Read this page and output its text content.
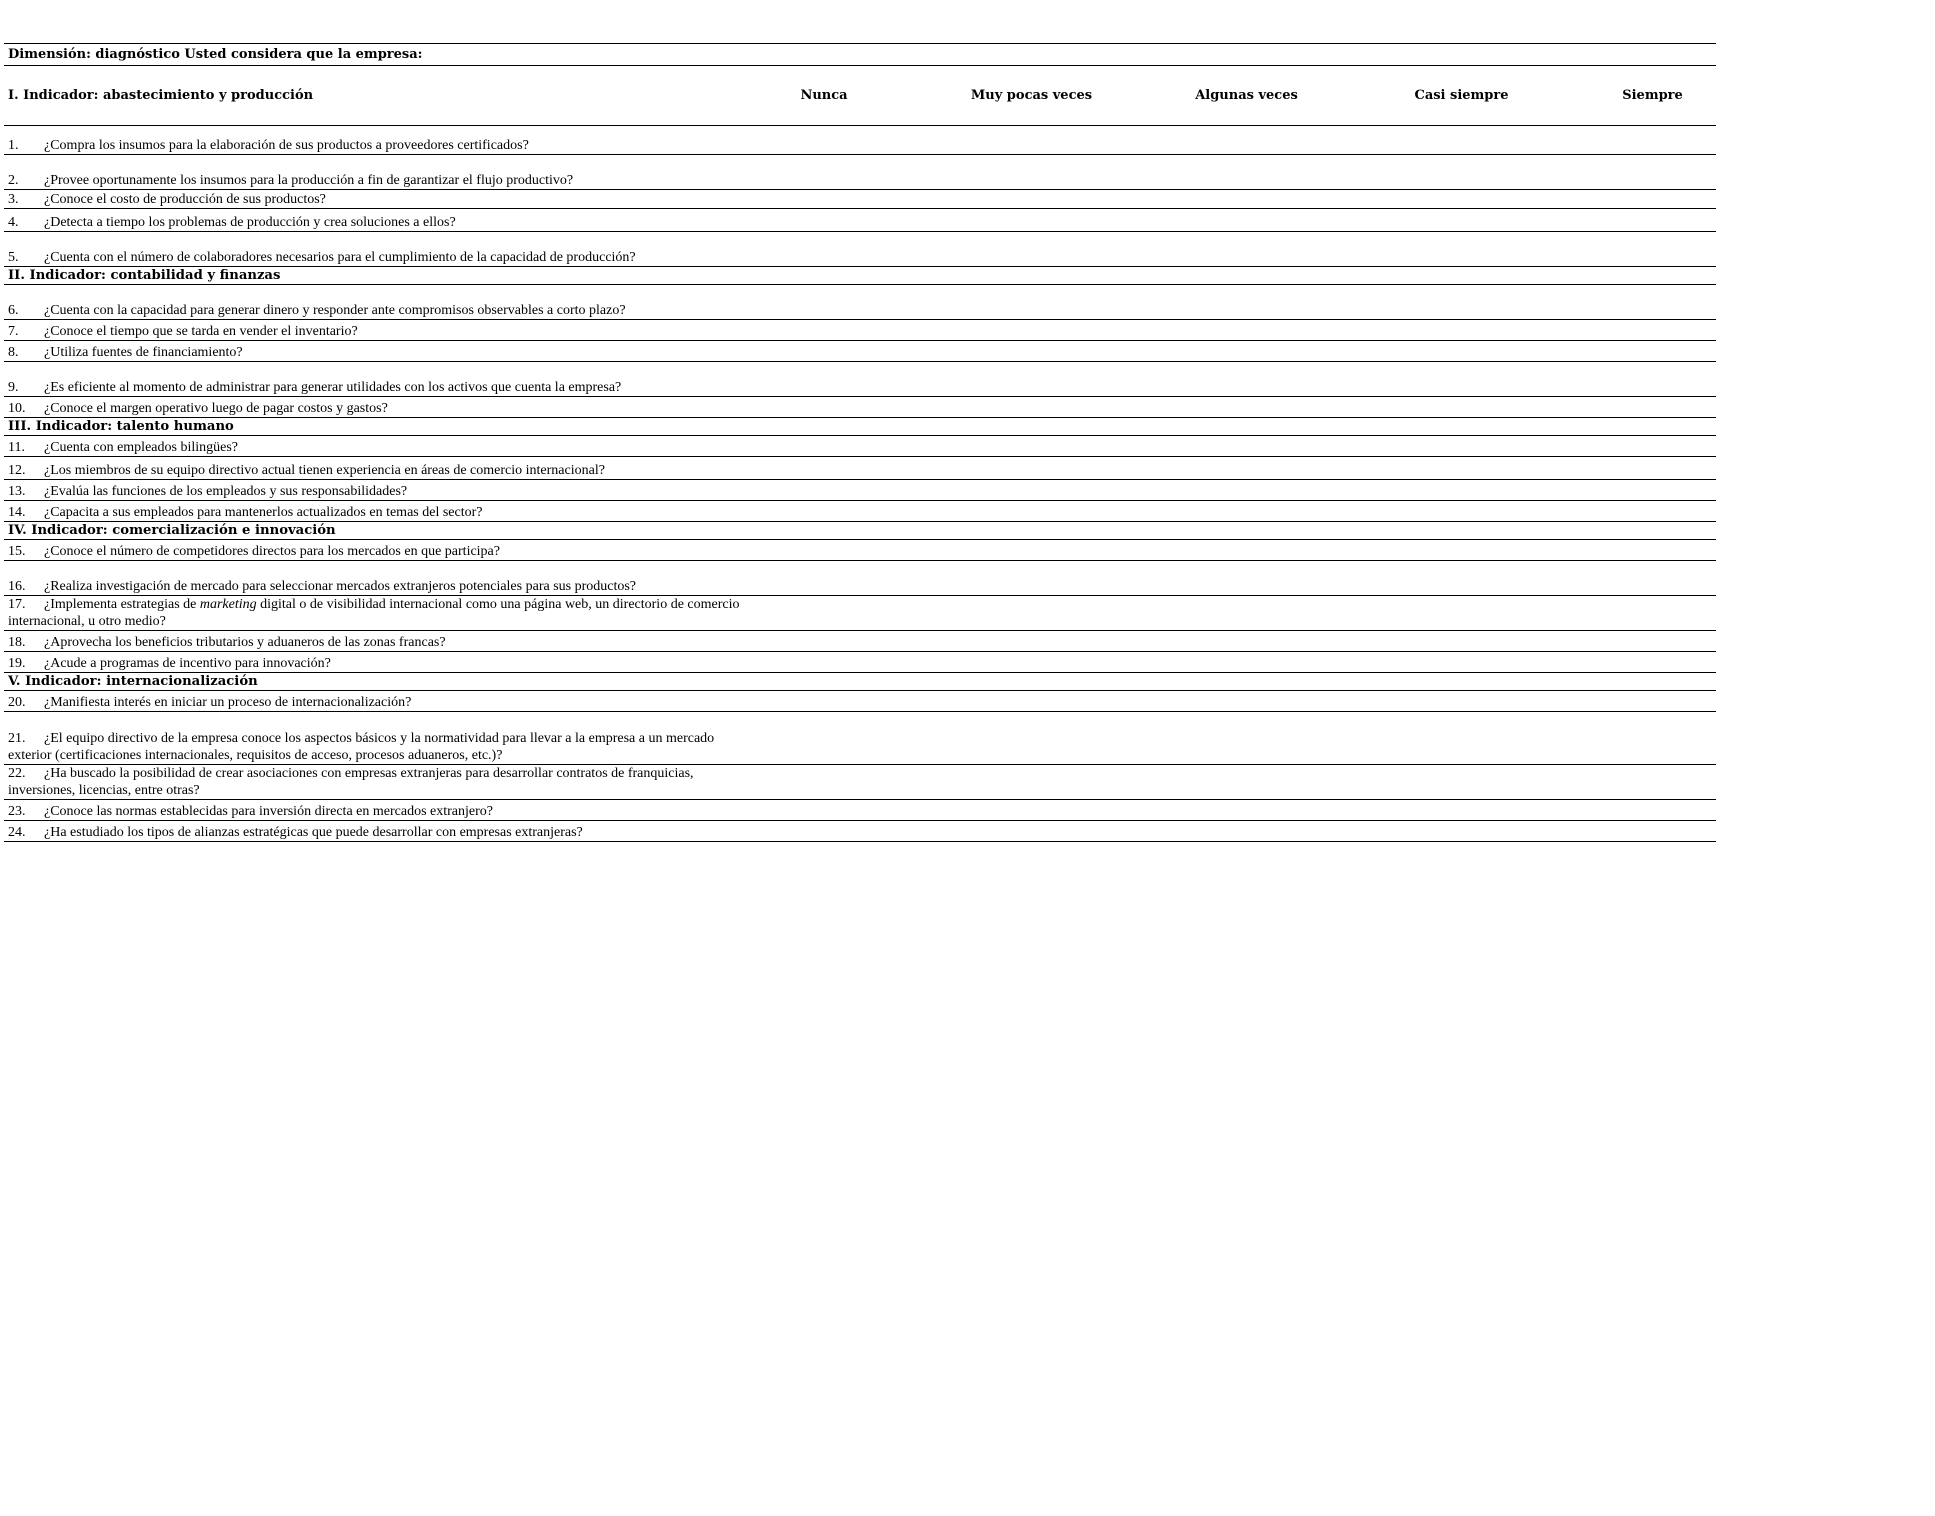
Dimensión: diagnóstico Usted considera que la empresa:					
I. Indicador: abastecimiento y producción	Nunca	Muy pocas veces	Algunas veces	Casi siempre	Siempre
1. ¿Compra los insumos para la elaboración de sus productos a proveedores certificados?					
2. ¿Provee oportunamente los insumos para la producción a fin de garantizar el flujo productivo?					
3. ¿Conoce el costo de producción de sus productos?					
4. ¿Detecta a tiempo los problemas de producción y crea soluciones a ellos?					
5. ¿Cuenta con el número de colaboradores necesarios para el cumplimiento de la capacidad de producción?					
II. Indicador: contabilidad y finanzas					
6. ¿Cuenta con la capacidad para generar dinero y responder ante compromisos observables a corto plazo?					
7. ¿Conoce el tiempo que se tarda en vender el inventario?					
8. ¿Utiliza fuentes de financiamiento?					
9. ¿Es eficiente al momento de administrar para generar utilidades con los activos que cuenta la empresa?					
10. ¿Conoce el margen operativo luego de pagar costos y gastos?					
III. Indicador: talento humano					
11. ¿Cuenta con empleados bilingües?					
12. ¿Los miembros de su equipo directivo actual tienen experiencia en áreas de comercio internacional?					
13. ¿Evalúa las funciones de los empleados y sus responsabilidades?					
14. ¿Capacita a sus empleados para mantenerlos actualizados en temas del sector?					
IV. Indicador: comercialización e innovación					
15. ¿Conoce el número de competidores directos para los mercados en que participa?					
16. ¿Realiza investigación de mercado para seleccionar mercados extranjeros potenciales para sus productos?					
17. ¿Implementa estrategias de marketing digital o de visibilidad internacional como una página web, un directorio de comercio internacional, u otro medio?					
18. ¿Aprovecha los beneficios tributarios y aduaneros de las zonas francas?					
19. ¿Acude a programas de incentivo para innovación?					
V. Indicador: internacionalización					
20. ¿Manifiesta interés en iniciar un proceso de internacionalización?					
21. ¿El equipo directivo de la empresa conoce los aspectos básicos y la normatividad para llevar a la empresa a un mercado exterior (certificaciones internacionales, requisitos de acceso, procesos aduaneros, etc.)?					
22. ¿Ha buscado la posibilidad de crear asociaciones con empresas extranjeras para desarrollar contratos de franquicias, inversiones, licencias, entre otras?					
23. ¿Conoce las normas establecidas para inversión directa en mercados extranjero?					
24. ¿Ha estudiado los tipos de alianzas estratégicas que puede desarrollar con empresas extranjeras?					
